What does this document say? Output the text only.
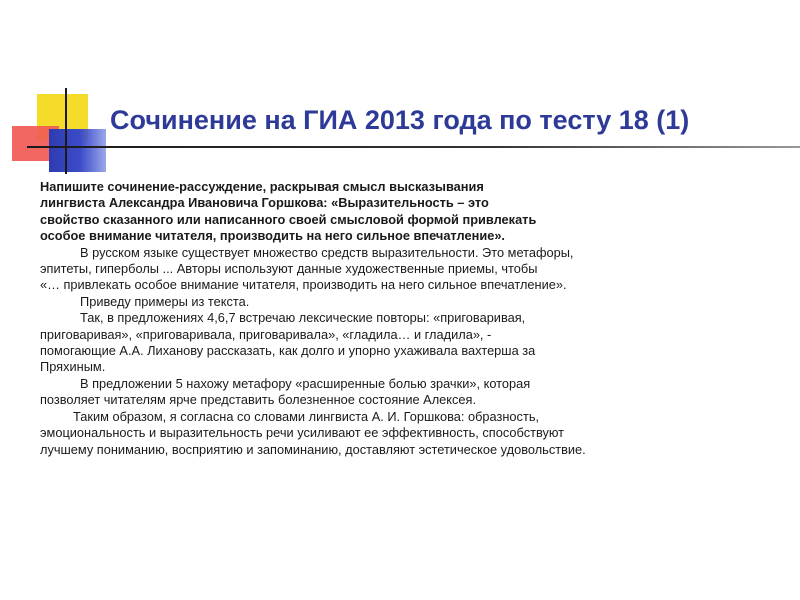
Сочинение на ГИА 2013 года по тесту 18 (1)
Напишите сочинение-рассуждение, раскрывая смысл высказывания
лингвиста Александра Ивановича Горшкова: «Выразительность – это
свойство сказанного или написанного своей смысловой формой привлекать
особое внимание читателя, производить на него сильное впечатление».
В русском языке существует множество средств выразительности. Это метафоры,
эпитеты, гиперболы ... Авторы используют данные художественные приемы, чтобы
«… привлекать особое внимание читателя, производить на него сильное впечатление».
Приведу примеры из текста.
Так, в предложениях 4,6,7 встречаю лексические повторы: «приговаривая,
приговаривая», «приговаривала, приговаривала», «гладила… и гладила», -
помогающие А.А. Лиханову рассказать, как долго и упорно ухаживала вахтерша за
Пряхиным.
В предложении 5 нахожу метафору «расширенные болью зрачки», которая
позволяет читателям ярче представить болезненное состояние Алексея.
Таким образом, я согласна со словами лингвиста А. И. Горшкова: образность,
эмоциональность и выразительность речи усиливают ее эффективность, способствуют
лучшему пониманию, восприятию и запоминанию, доставляют эстетическое удовольствие.
